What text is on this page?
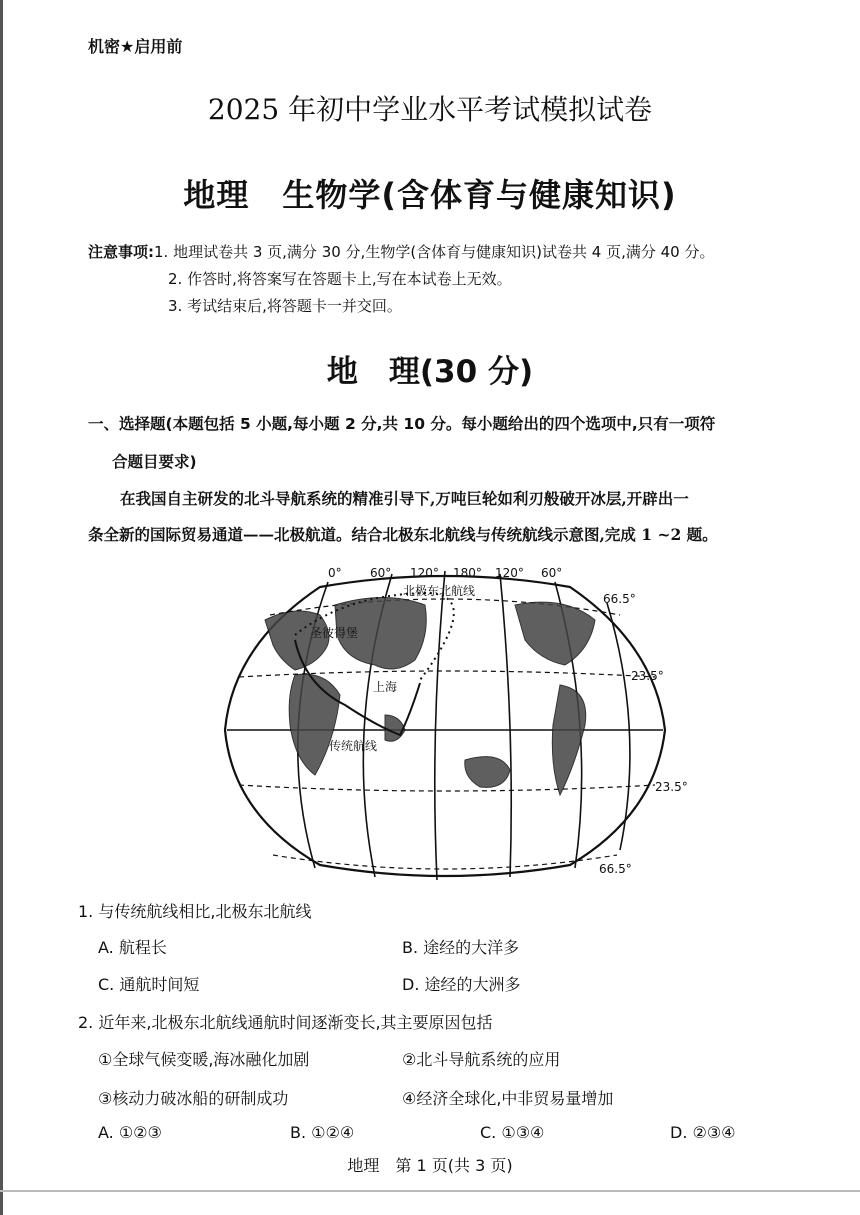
机密★启用前
2025 年初中学业水平考试模拟试卷
地理　生物学(含体育与健康知识)
注意事项:1. 地理试卷共 3 页,满分 30 分,生物学(含体育与健康知识)试卷共 4 页,满分 40 分。
2. 作答时,将答案写在答题卡上,写在本试卷上无效。
3. 考试结束后,将答题卡一并交回。
地　理(30 分)
一、选择题(本题包括 5 小题,每小题 2 分,共 10 分。每小题给出的四个选项中,只有一项符
合题目要求)
在我国自主研发的北斗导航系统的精准引导下,万吨巨轮如利刃般破开冰层,开辟出一
条全新的国际贸易通道——北极航道。结合北极东北航线与传统航线示意图,完成 1 ~2 题。
0° 60° 120° 180° 120° 60°
66.5°
23.5°
23.5°
66.5°
北极东北航线
圣彼得堡
上海
传统航线
1. 与传统航线相比,北极东北航线
A. 航程长	B. 途经的大洋多
C. 通航时间短	D. 途经的大洲多
2. 近年来,北极东北航线通航时间逐渐变长,其主要原因包括
①全球气候变暖,海冰融化加剧	②北斗导航系统的应用
③核动力破冰船的研制成功	④经济全球化,中非贸易量增加
A. ①②③	B. ①②④	C. ①③④	D. ②③④
地理　第 1 页(共 3 页)
